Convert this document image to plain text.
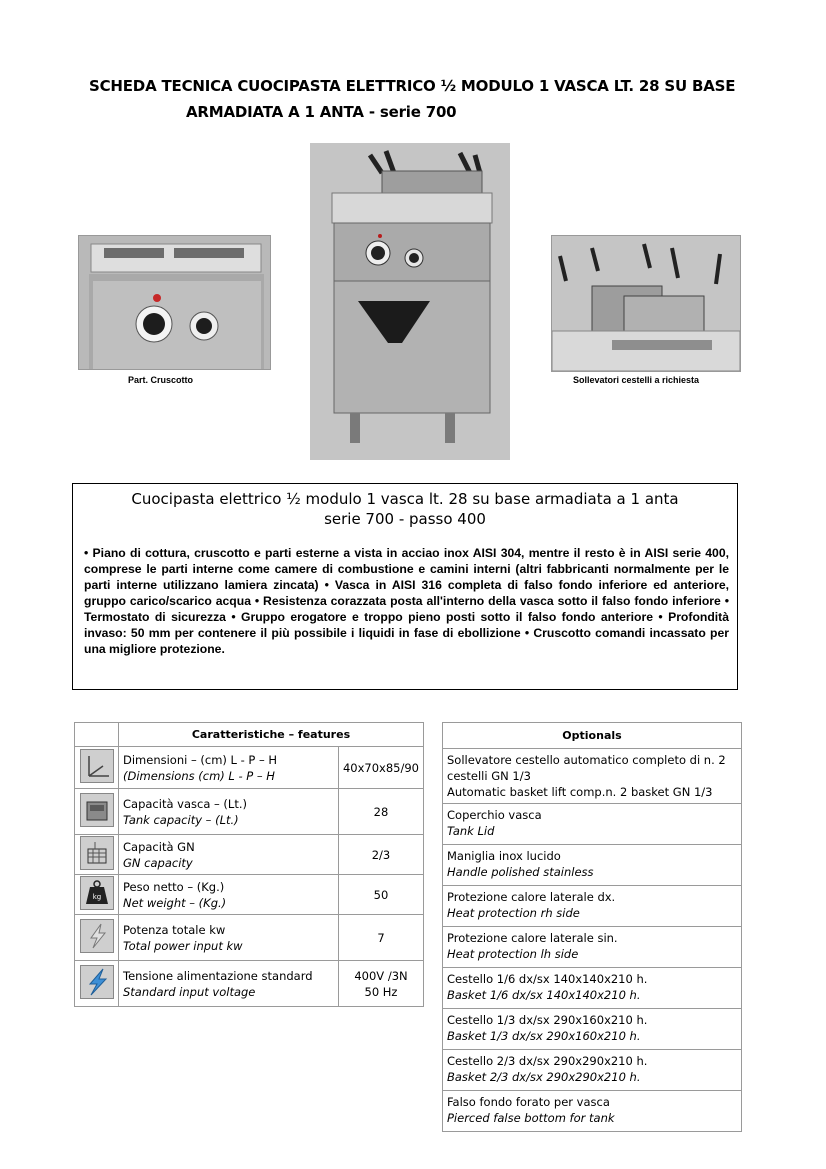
SCHEDA TECNICA CUOCIPASTA ELETTRICO ½ MODULO 1 VASCA LT. 28 SU BASE
ARMADIATA A 1 ANTA - serie 700
Part. Cruscotto	Sollevatori cestelli a richiesta
Cuocipasta elettrico ½ modulo 1 vasca lt. 28 su base armadiata a 1 anta
serie 700 - passo 400
• Piano di cottura, cruscotto e parti esterne a vista in acciao inox AISI 304, mentre il resto è in AISI serie 400, comprese le parti interne come camere di combustione e camini interni (altri fabbricanti normalmente per le parti interne utilizzano lamiera zincata) • Vasca in AISI 316 completa di falso fondo inferiore ed anteriore, gruppo carico/scarico acqua • Resistenza corazzata posta all'interno della vasca sotto il falso fondo inferiore • Termostato di sicurezza • Gruppo erogatore e troppo pieno posti sotto il falso fondo anteriore • Profondità invaso: 50 mm per contenere il più possibile i liquidi in fase di ebollizione • Cruscotto comandi incassato per una migliore protezione.
	Caratteristiche – features	

Dimensioni – (cm) L - P – H
(Dimensions (cm) L - P – H	40x70x85/90

Capacità vasca – (Lt.)
Tank capacity – (Lt.)	28

Capacità GN
GN capacity	2/3

kg	Peso netto – (Kg.)
Net weight – (Kg.)	50

Potenza totale kw
Total power input kw	7

Tensione alimentazione standard
Standard input voltage	400V /3N
50 Hz
Optionals

Sollevatore cestello automatico completo di n. 2 cestelli GN 1/3
Automatic basket lift comp.n. 2 basket GN 1/3

Coperchio vasca
Tank Lid

Maniglia inox lucido
Handle polished stainless

Protezione calore laterale dx.
Heat protection rh side

Protezione calore laterale sin.
Heat protection lh side

Cestello 1/6 dx/sx 140x140x210 h.
Basket 1/6 dx/sx 140x140x210 h.

Cestello 1/3 dx/sx 290x160x210 h.
Basket 1/3 dx/sx 290x160x210 h.

Cestello 2/3 dx/sx 290x290x210 h.
Basket 2/3 dx/sx 290x290x210 h.

Falso fondo forato per vasca
Pierced false bottom for tank
